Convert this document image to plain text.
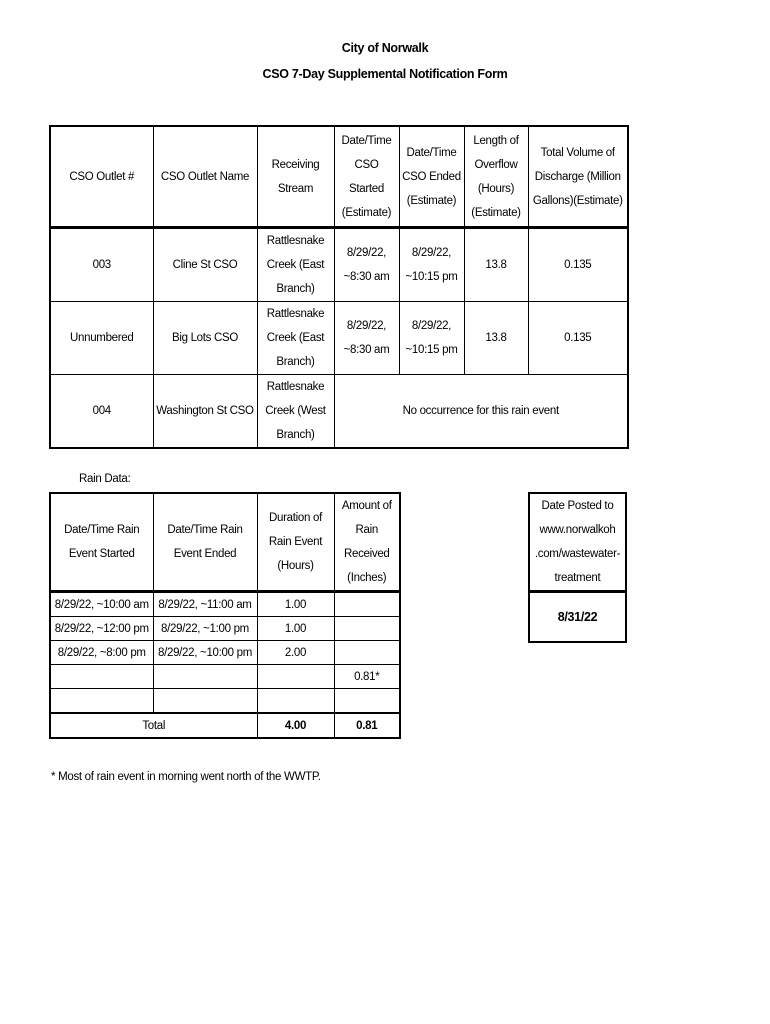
City of Norwalk
CSO 7-Day Supplemental Notification Form
CSO Outlet #	CSO Outlet Name	Receiving Stream	Date/Time CSO Started (Estimate)	Date/Time CSO Ended (Estimate)	Length of Overflow (Hours) (Estimate)	Total Volume of Discharge (Million Gallons)(Estimate)
003	Cline St CSO	Rattlesnake Creek (East Branch)	8/29/22, ~8:30 am	8/29/22, ~10:15 pm	13.8	0.135
Unnumbered	Big Lots CSO	Rattlesnake Creek (East Branch)	8/29/22, ~8:30 am	8/29/22, ~10:15 pm	13.8	0.135
004	Washington St CSO	Rattlesnake Creek (West Branch)	No occurrence for this rain event			
Rain Data:
Date/Time Rain Event Started	Date/Time Rain Event Ended	Duration of Rain Event (Hours)	Amount of Rain Received (Inches)
8/29/22, ~10:00 am	8/29/22, ~11:00 am	1.00	
8/29/22, ~12:00 pm	8/29/22, ~1:00 pm	1.00	
8/29/22, ~8:00 pm	8/29/22, ~10:00 pm	2.00	
			0.81*

Total		4.00	0.81
Date Posted to www.norwalkoh .com/wastewater-treatment
8/31/22
* Most of rain event in morning went north of the WWTP.
